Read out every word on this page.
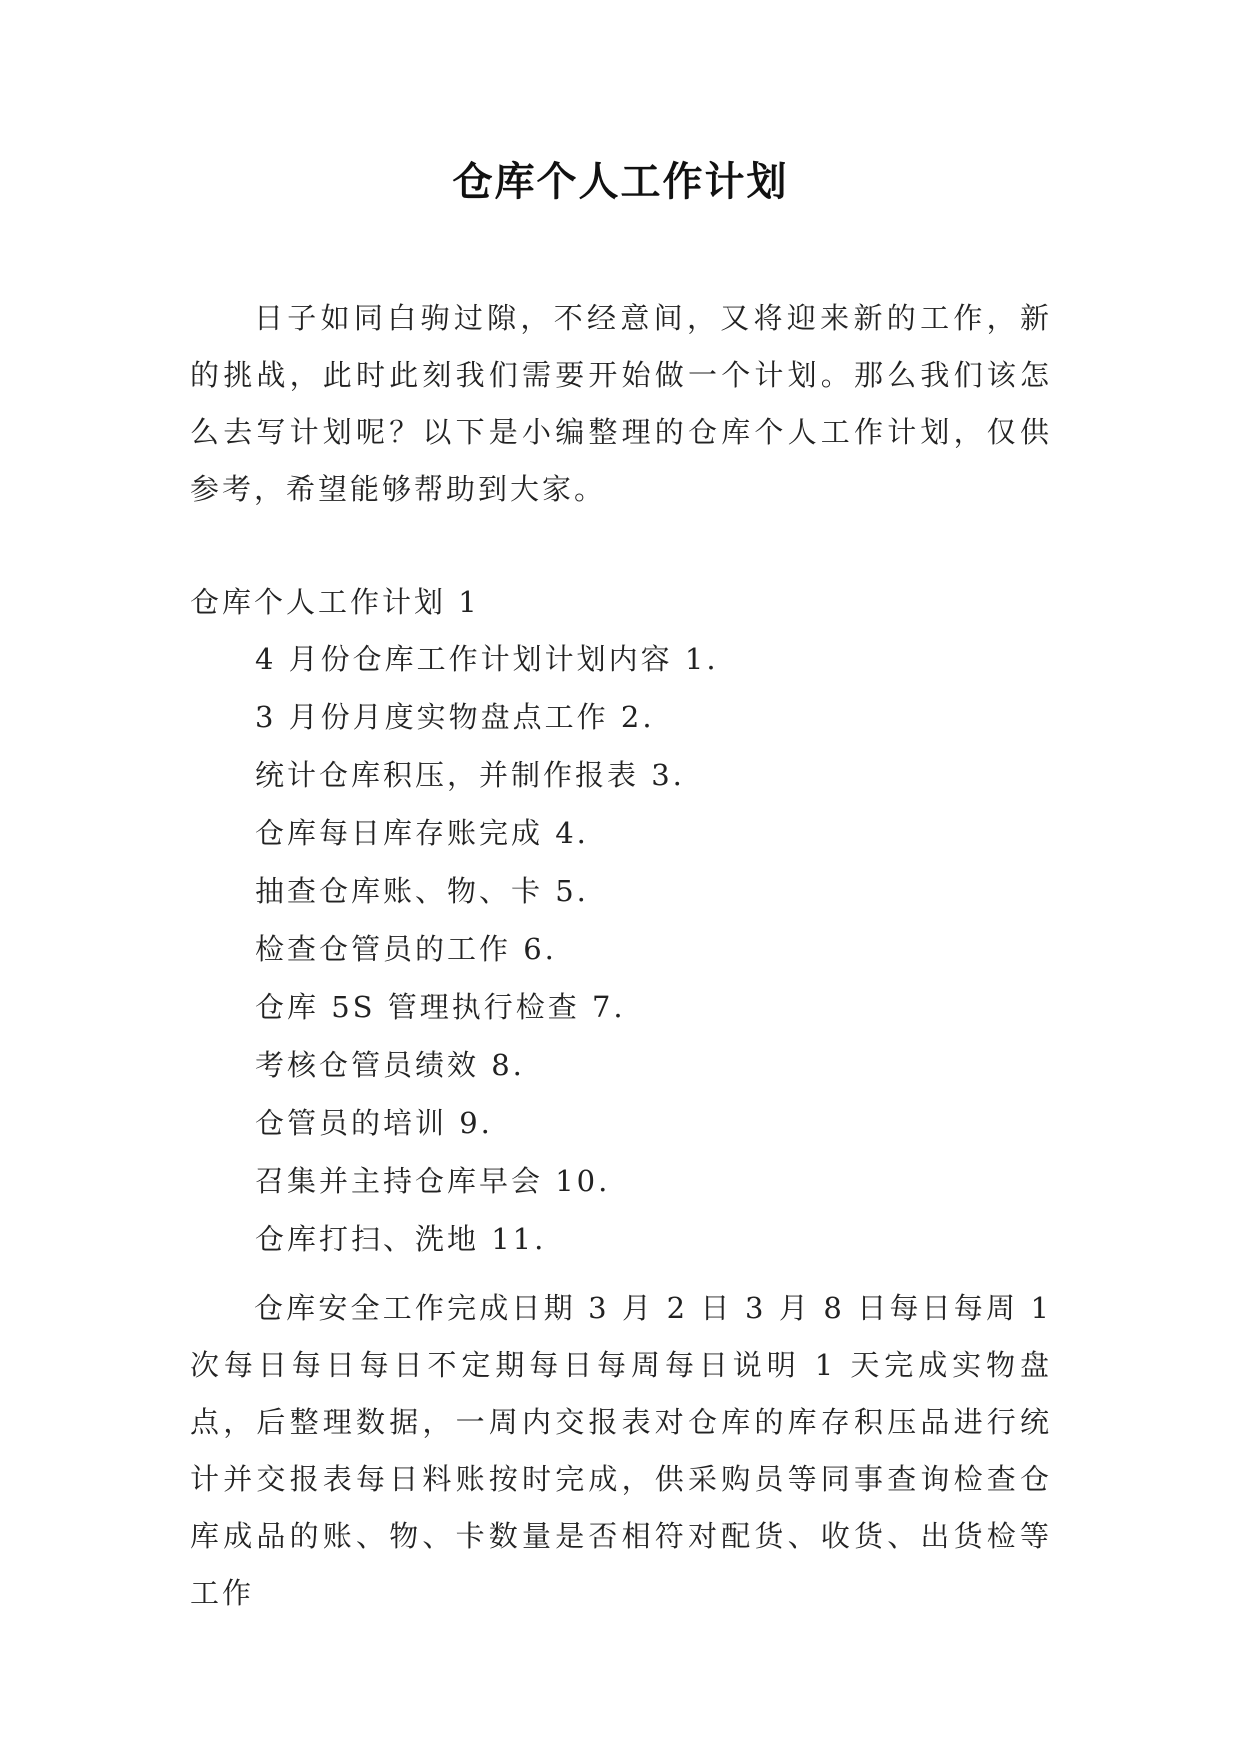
仓库个人工作计划

日子如同白驹过隙，不经意间，又将迎来新的工作，新的挑战，此时此刻我们需要开始做一个计划。那么我们该怎么去写计划呢？以下是小编整理的仓库个人工作计划，仅供参考，希望能够帮助到大家。

仓库个人工作计划 1
4 月份仓库工作计划计划内容 1.
3 月份月度实物盘点工作 2.
统计仓库积压，并制作报表 3.
仓库每日库存账完成 4.
抽查仓库账、物、卡 5.
检查仓管员的工作 6.
仓库 5S 管理执行检查 7.
考核仓管员绩效 8.
仓管员的培训 9.
召集并主持仓库早会 10.
仓库打扫、洗地 11.

仓库安全工作完成日期 3 月 2 日 3 月 8 日每日每周 1 次每日每日每日不定期每日每周每日说明 1 天完成实物盘点，后整理数据，一周内交报表对仓库的库存积压品进行统计并交报表每日料账按时完成，供采购员等同事查询检查仓库成品的账、物、卡数量是否相符对配货、收货、出货检等工作
